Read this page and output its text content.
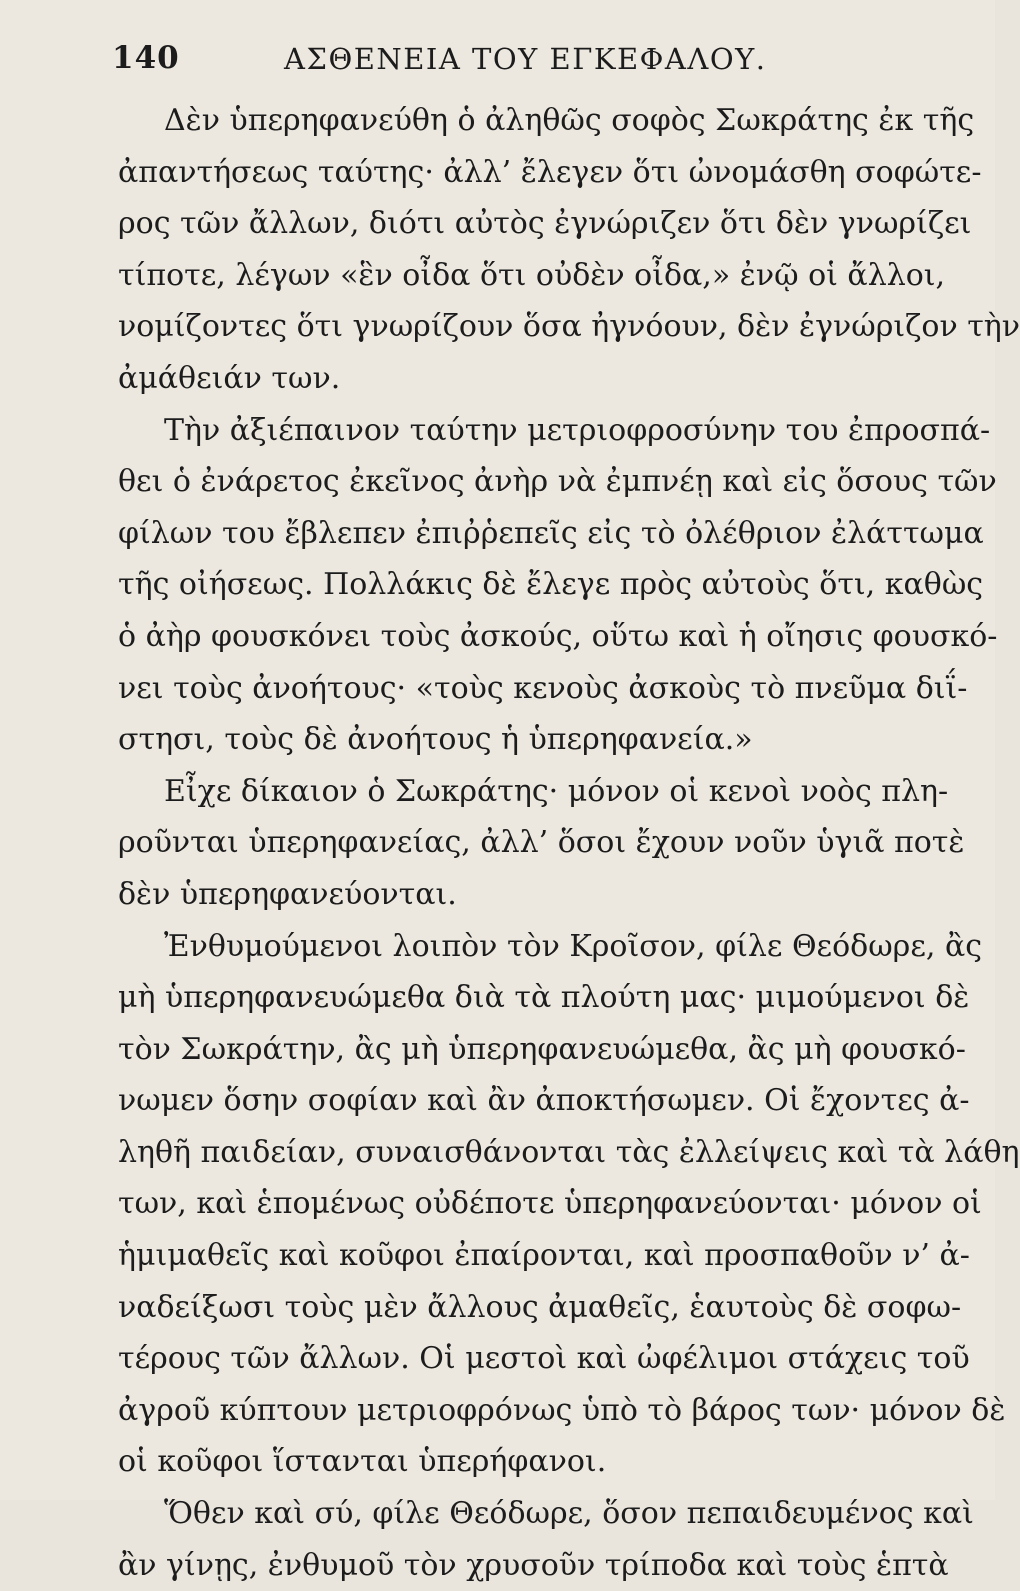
140	ΑΣΘΕΝΕΙΑ ΤΟΥ ΕΓΚΕΦΑΛΟΥ.
Δὲν ὑπερηφανεύθη ὁ ἀληθῶς σοφὸς Σωκράτης ἐκ τῆς
ἀπαντήσεως ταύτης· ἀλλ’ ἔλεγεν ὅτι ὠνομάσθη σοφώτε-
ρος τῶν ἄλλων, διότι αὐτὸς ἐγνώριζεν ὅτι δὲν γνωρίζει
τίποτε, λέγων «ἓν οἶδα ὅτι οὐδὲν οἶδα,» ἐνῷ οἱ ἄλλοι,
νομίζοντες ὅτι γνωρίζουν ὅσα ἠγνόουν, δὲν ἐγνώριζον τὴν
ἀμάθειάν των.
Τὴν ἀξιέπαινον ταύτην μετριοφροσύνην του ἐπροσπά-
θει ὁ ἐνάρετος ἐκεῖνος ἀνὴρ νὰ ἐμπνέῃ καὶ εἰς ὅσους τῶν
φίλων του ἔβλεπεν ἐπιῤῥεπεῖς εἰς τὸ ὀλέθριον ἐλάττωμα
τῆς οἰήσεως. Πολλάκις δὲ ἔλεγε πρὸς αὐτοὺς ὅτι, καθὼς
ὁ ἀὴρ φουσκόνει τοὺς ἀσκούς, οὕτω καὶ ἡ οἴησις φουσκό-
νει τοὺς ἀνοήτους· «τοὺς κενοὺς ἀσκοὺς τὸ πνεῦμα διΐ-
στησι, τοὺς δὲ ἀνοήτους ἡ ὑπερηφανεία.»
Εἶχε δίκαιον ὁ Σωκράτης· μόνον οἱ κενοὶ νοὸς πλη-
ροῦνται ὑπερηφανείας, ἀλλ’ ὅσοι ἔχουν νοῦν ὑγιᾶ ποτὲ
δὲν ὑπερηφανεύονται.
Ἐνθυμούμενοι λοιπὸν τὸν Κροῖσον, φίλε Θεόδωρε, ἂς
μὴ ὑπερηφανευώμεθα διὰ τὰ πλούτη μας· μιμούμενοι δὲ
τὸν Σωκράτην, ἂς μὴ ὑπερηφανευώμεθα, ἂς μὴ φουσκό-
νωμεν ὅσην σοφίαν καὶ ἂν ἀποκτήσωμεν. Οἱ ἔχοντες ἀ-
ληθῆ παιδείαν, συναισθάνονται τὰς ἐλλείψεις καὶ τὰ λάθη
των, καὶ ἑπομένως οὐδέποτε ὑπερηφανεύονται· μόνον οἱ
ἡμιμαθεῖς καὶ κοῦφοι ἐπαίρονται, καὶ προσπαθοῦν ν’ ἀ-
ναδείξωσι τοὺς μὲν ἄλλους ἀμαθεῖς, ἑαυτοὺς δὲ σοφω-
τέρους τῶν ἄλλων. Οἱ μεστοὶ καὶ ὠφέλιμοι στάχεις τοῦ
ἀγροῦ κύπτουν μετριοφρόνως ὑπὸ τὸ βάρος των· μόνον δὲ
οἱ κοῦφοι ἵστανται ὑπερήφανοι.
Ὅθεν καὶ σύ, φίλε Θεόδωρε, ὅσον πεπαιδευμένος καὶ
ἂν γίνῃς, ἐνθυμοῦ τὸν χρυσοῦν τρίποδα καὶ τοὺς ἑπτὰ
